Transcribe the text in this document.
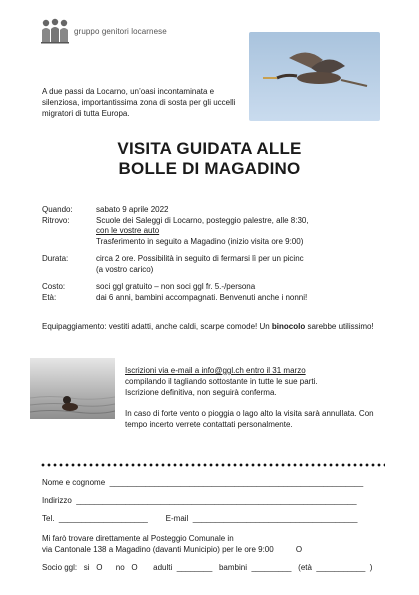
gruppo genitori locarnese
A due passi da Locarno, un’oasi incontaminata e silenziosa, importantissima zona di sosta per gli uccelli migratori di tutta Europa.
VISITA GUIDATA ALLE
BOLLE DI MAGADINO
Quando:	sabato 9 aprile 2022
Ritrovo:	Scuole dei Saleggi di Locarno, posteggio palestre, alle 8:30,
con le vostre auto
Trasferimento in seguito a Magadino (inizio visita ore 9:00)
Durata:	circa 2 ore. Possibilità in seguito di fermarsi lì per un picinc
(a vostro carico)
Costo:	soci ggl gratuito – non soci ggl fr. 5.-/persona
Età:	dai 6 anni, bambini accompagnati. Benvenuti anche i nonni!
Equipaggiamento: vestiti adatti, anche caldi, scarpe comode! Un binocolo sarebbe utilissimo!
Iscrizioni via e-mail a info@ggl.ch entro il 31 marzo
compilando il tagliando sottostante in tutte le sue parti.
Iscrizione definitiva, non seguirà conferma.
In caso di forte vento o pioggia o lago alto la visita sarà annullata. Con tempo incerto verrete contattati personalmente.
Nome e cognome  _________________________________________________________
Indirizzo  _______________________________________________________________
Tel.  ____________________        E-mail  _____________________________________
Mi farò trovare direttamente al Posteggio Comunale in
via Cantonale 138 a Magadino (davanti Municipio) per le ore 9:00          O
Socio ggl:   si   O      no   O       adulti  ________   bambini  _________   (età  ___________  )
